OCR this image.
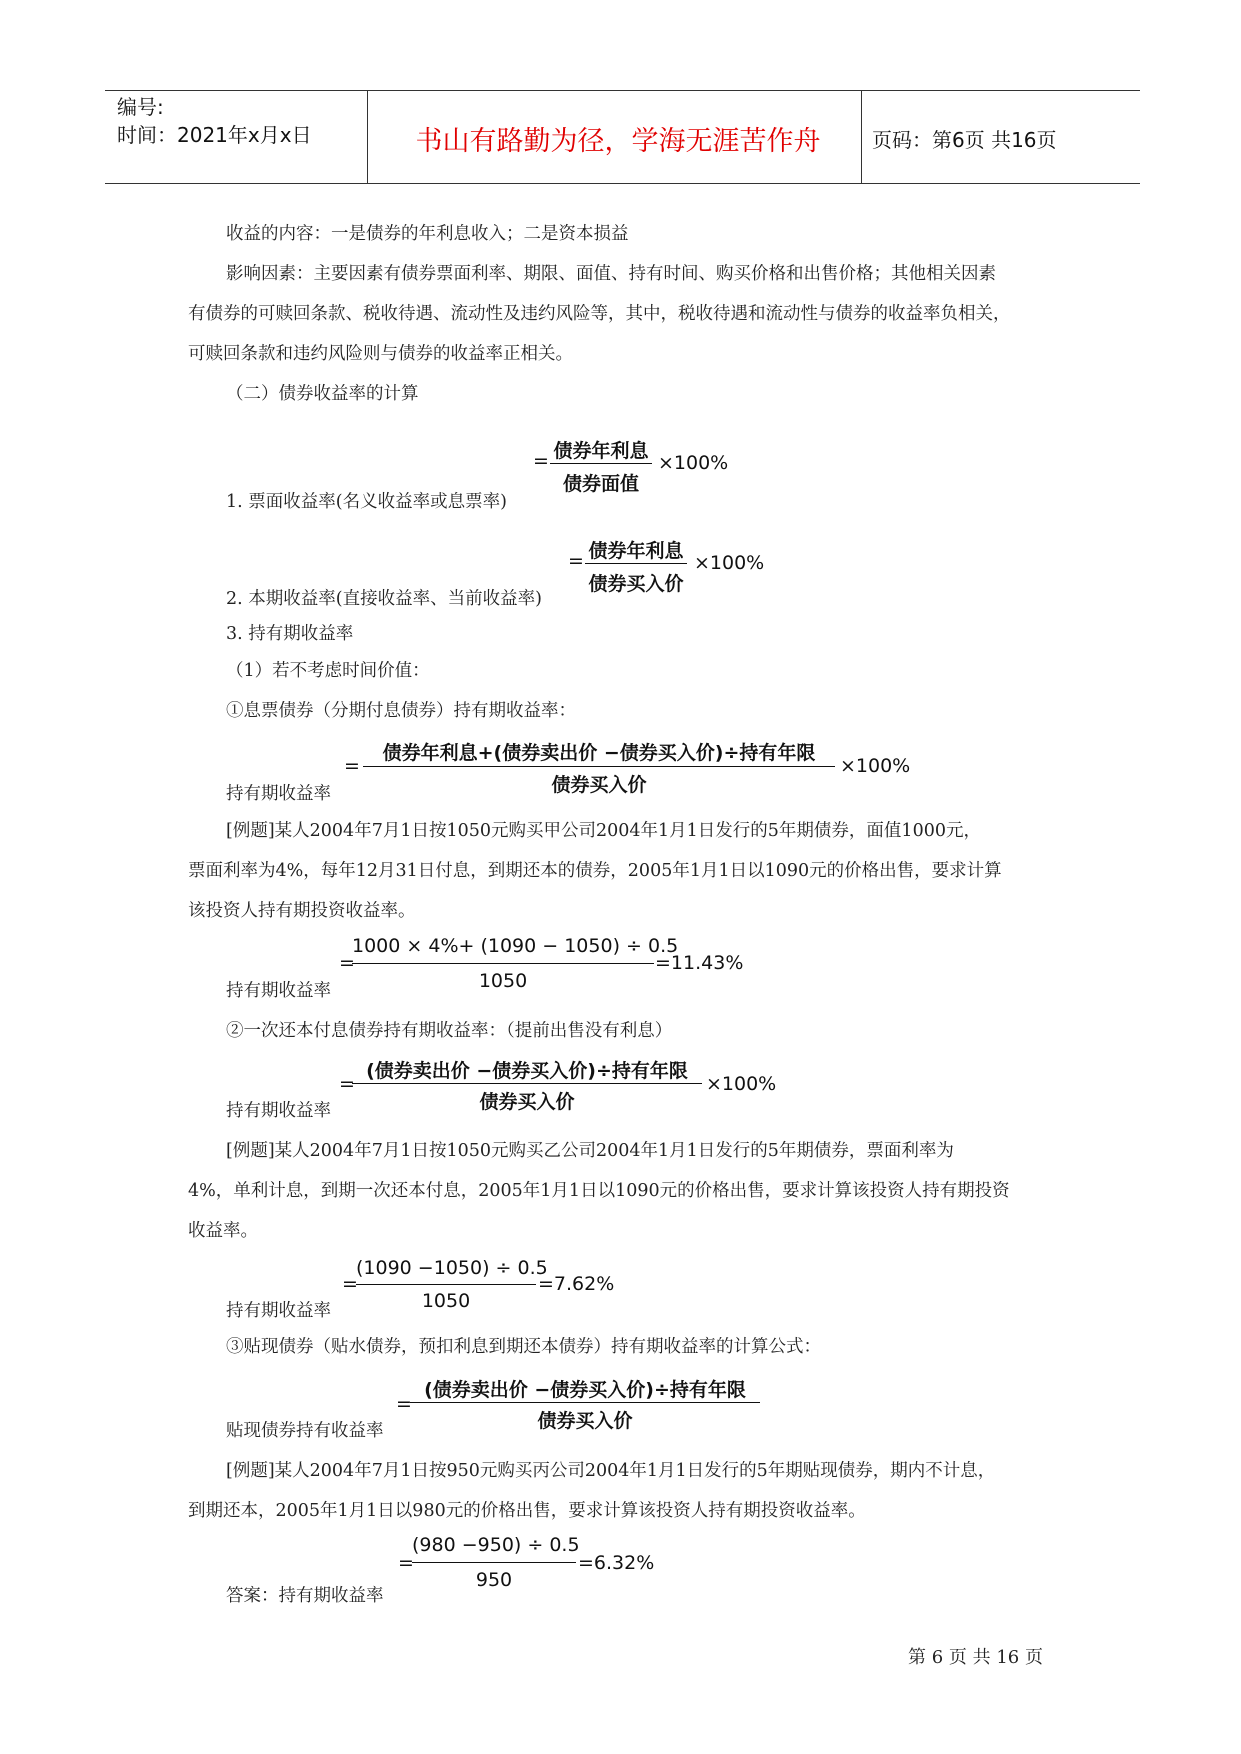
编号:
时间：2021年x月x日	书山有路勤为径，学海无涯苦作舟	页码：第6页 共16页
收益的内容：一是债券的年利息收入；二是资本损益
影响因素：主要因素有债券票面利率、期限、面值、持有时间、购买价格和出售价格；其他相关因素
有债券的可赎回条款、税收待遇、流动性及违约风险等，其中，税收待遇和流动性与债券的收益率负相关，
可赎回条款和违约风险则与债券的收益率正相关。
（二）债券收益率的计算
= 债券年利息
债券面值
×100%
1. 票面收益率(名义收益率或息票率)
= 债券年利息
债券买入价
×100%
2. 本期收益率(直接收益率、当前收益率)
3. 持有期收益率
（1）若不考虑时间价值：
①息票债券（分期付息债券）持有期收益率：
=
债券年利息+(债券卖出价 −债券买入价)÷持有年限
债券买入价
×100%
持有期收益率
[例题]某人2004年7月1日按1050元购买甲公司2004年1月1日发行的5年期债券，面值1000元，
票面利率为4%，每年12月31日付息，到期还本的债券，2005年1月1日以1090元的价格出售，要求计算
该投资人持有期投资收益率。
=
1000 × 4%+ (1090 − 1050) ÷ 0.5
1050
=11.43%
持有期收益率
②一次还本付息债券持有期收益率：（提前出售没有利息）
=
(债券卖出价 −债券买入价)÷持有年限
债券买入价
×100%
持有期收益率
[例题]某人2004年7月1日按1050元购买乙公司2004年1月1日发行的5年期债券，票面利率为
4%，单利计息，到期一次还本付息，2005年1月1日以1090元的价格出售，要求计算该投资人持有期投资
收益率。
=
(1090 −1050) ÷ 0.5
1050
=7.62%
持有期收益率
③贴现债券（贴水债券，预扣利息到期还本债券）持有期收益率的计算公式：
=
(债券卖出价 −债券买入价)÷持有年限
债券买入价
贴现债券持有收益率
[例题]某人2004年7月1日按950元购买丙公司2004年1月1日发行的5年期贴现债券，期内不计息，
到期还本，2005年1月1日以980元的价格出售，要求计算该投资人持有期投资收益率。
=
(980 −950) ÷ 0.5
950
=6.32%
答案：持有期收益率
第 6 页 共 16 页
